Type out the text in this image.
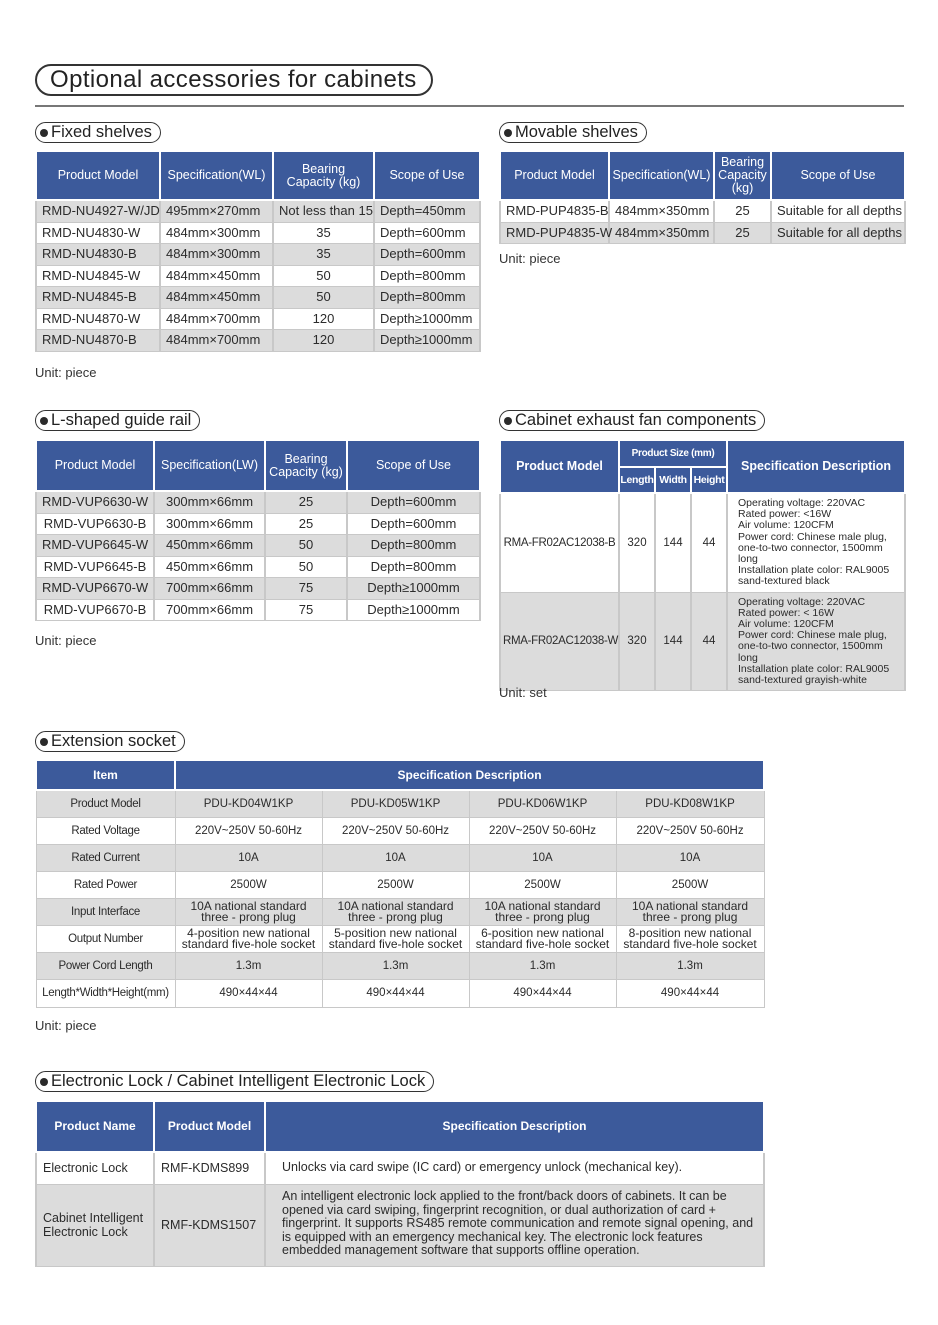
Optional accessories for cabinets
Fixed shelves
Product Model	Specification(WL)	Bearing Capacity (kg)	Scope of Use
RMD-NU4927-W/JD	495mm×270mm	Not less than 15	Depth=450mm
RMD-NU4830-W	484mm×300mm	35	Depth=600mm
RMD-NU4830-B	484mm×300mm	35	Depth=600mm
RMD-NU4845-W	484mm×450mm	50	Depth=800mm
RMD-NU4845-B	484mm×450mm	50	Depth=800mm
RMD-NU4870-W	484mm×700mm	120	Depth≥1000mm
RMD-NU4870-B	484mm×700mm	120	Depth≥1000mm
Unit: piece
Movable shelves
Product Model	Specification(WL)	Bearing Capacity (kg)	Scope of Use
RMD-PUP4835-B	484mm×350mm	25	Suitable for all depths
RMD-PUP4835-W	484mm×350mm	25	Suitable for all depths
Unit: piece
L-shaped guide rail
Product Model	Specification(LW)	Bearing Capacity (kg)	Scope of Use
RMD-VUP6630-W	300mm×66mm	25	Depth=600mm
RMD-VUP6630-B	300mm×66mm	25	Depth=600mm
RMD-VUP6645-W	450mm×66mm	50	Depth=800mm
RMD-VUP6645-B	450mm×66mm	50	Depth=800mm
RMD-VUP6670-W	700mm×66mm	75	Depth≥1000mm
RMD-VUP6670-B	700mm×66mm	75	Depth≥1000mm
Unit: piece
Cabinet exhaust fan components
Product Model	Product Size (mm)			Specification Description
	Length	Width	Height	
RMA-FR02AC12038-B	320	144	44	Operating voltage: 220VAC
Rated power: <16W
Air volume: 120CFM
Power cord: Chinese male plug, one-to-two connector, 1500mm long
Installation plate color: RAL9005 sand-textured black

RMA-FR02AC12038-W	320	144	44	Operating voltage: 220VAC
Rated power: < 16W
Air volume: 120CFM
Power cord: Chinese male plug, one-to-two connector, 1500mm long
Installation plate color: RAL9005 sand-textured grayish-white
Unit: set
Extension socket
Item	Specification Description			
Product Model	PDU-KD04W1KP	PDU-KD05W1KP	PDU-KD06W1KP	PDU-KD08W1KP
Rated Voltage	220V~250V 50-60Hz	220V~250V 50-60Hz	220V~250V 50-60Hz	220V~250V 50-60Hz
Rated Current	10A	10A	10A	10A
Rated Power	2500W	2500W	2500W	2500W
Input Interface	10A national standard three - prong plug	10A national standard three - prong plug	10A national standard three - prong plug	10A national standard three - prong plug
Output Number	4-position new national standard five-hole socket	5-position new national standard five-hole socket	6-position new national standard five-hole socket	8-position new national standard five-hole socket
Power Cord Length	1.3m	1.3m	1.3m	1.3m
Length*Width*Height(mm)	490×44×44	490×44×44	490×44×44	490×44×44
Unit: piece
Electronic Lock / Cabinet Intelligent Electronic Lock
Product Name	Product Model	Specification Description
Electronic Lock	RMF-KDMS899	Unlocks via card swipe (IC card) or emergency unlock (mechanical key).
Cabinet Intelligent Electronic Lock	RMF-KDMS1507	An intelligent electronic lock applied to the front/back doors of cabinets. It can be opened via card swiping, fingerprint recognition, or dual authorization of card + fingerprint. It supports RS485 remote communication and remote signal opening, and is equipped with an emergency mechanical key. The electronic lock features embedded management software that supports offline operation.
